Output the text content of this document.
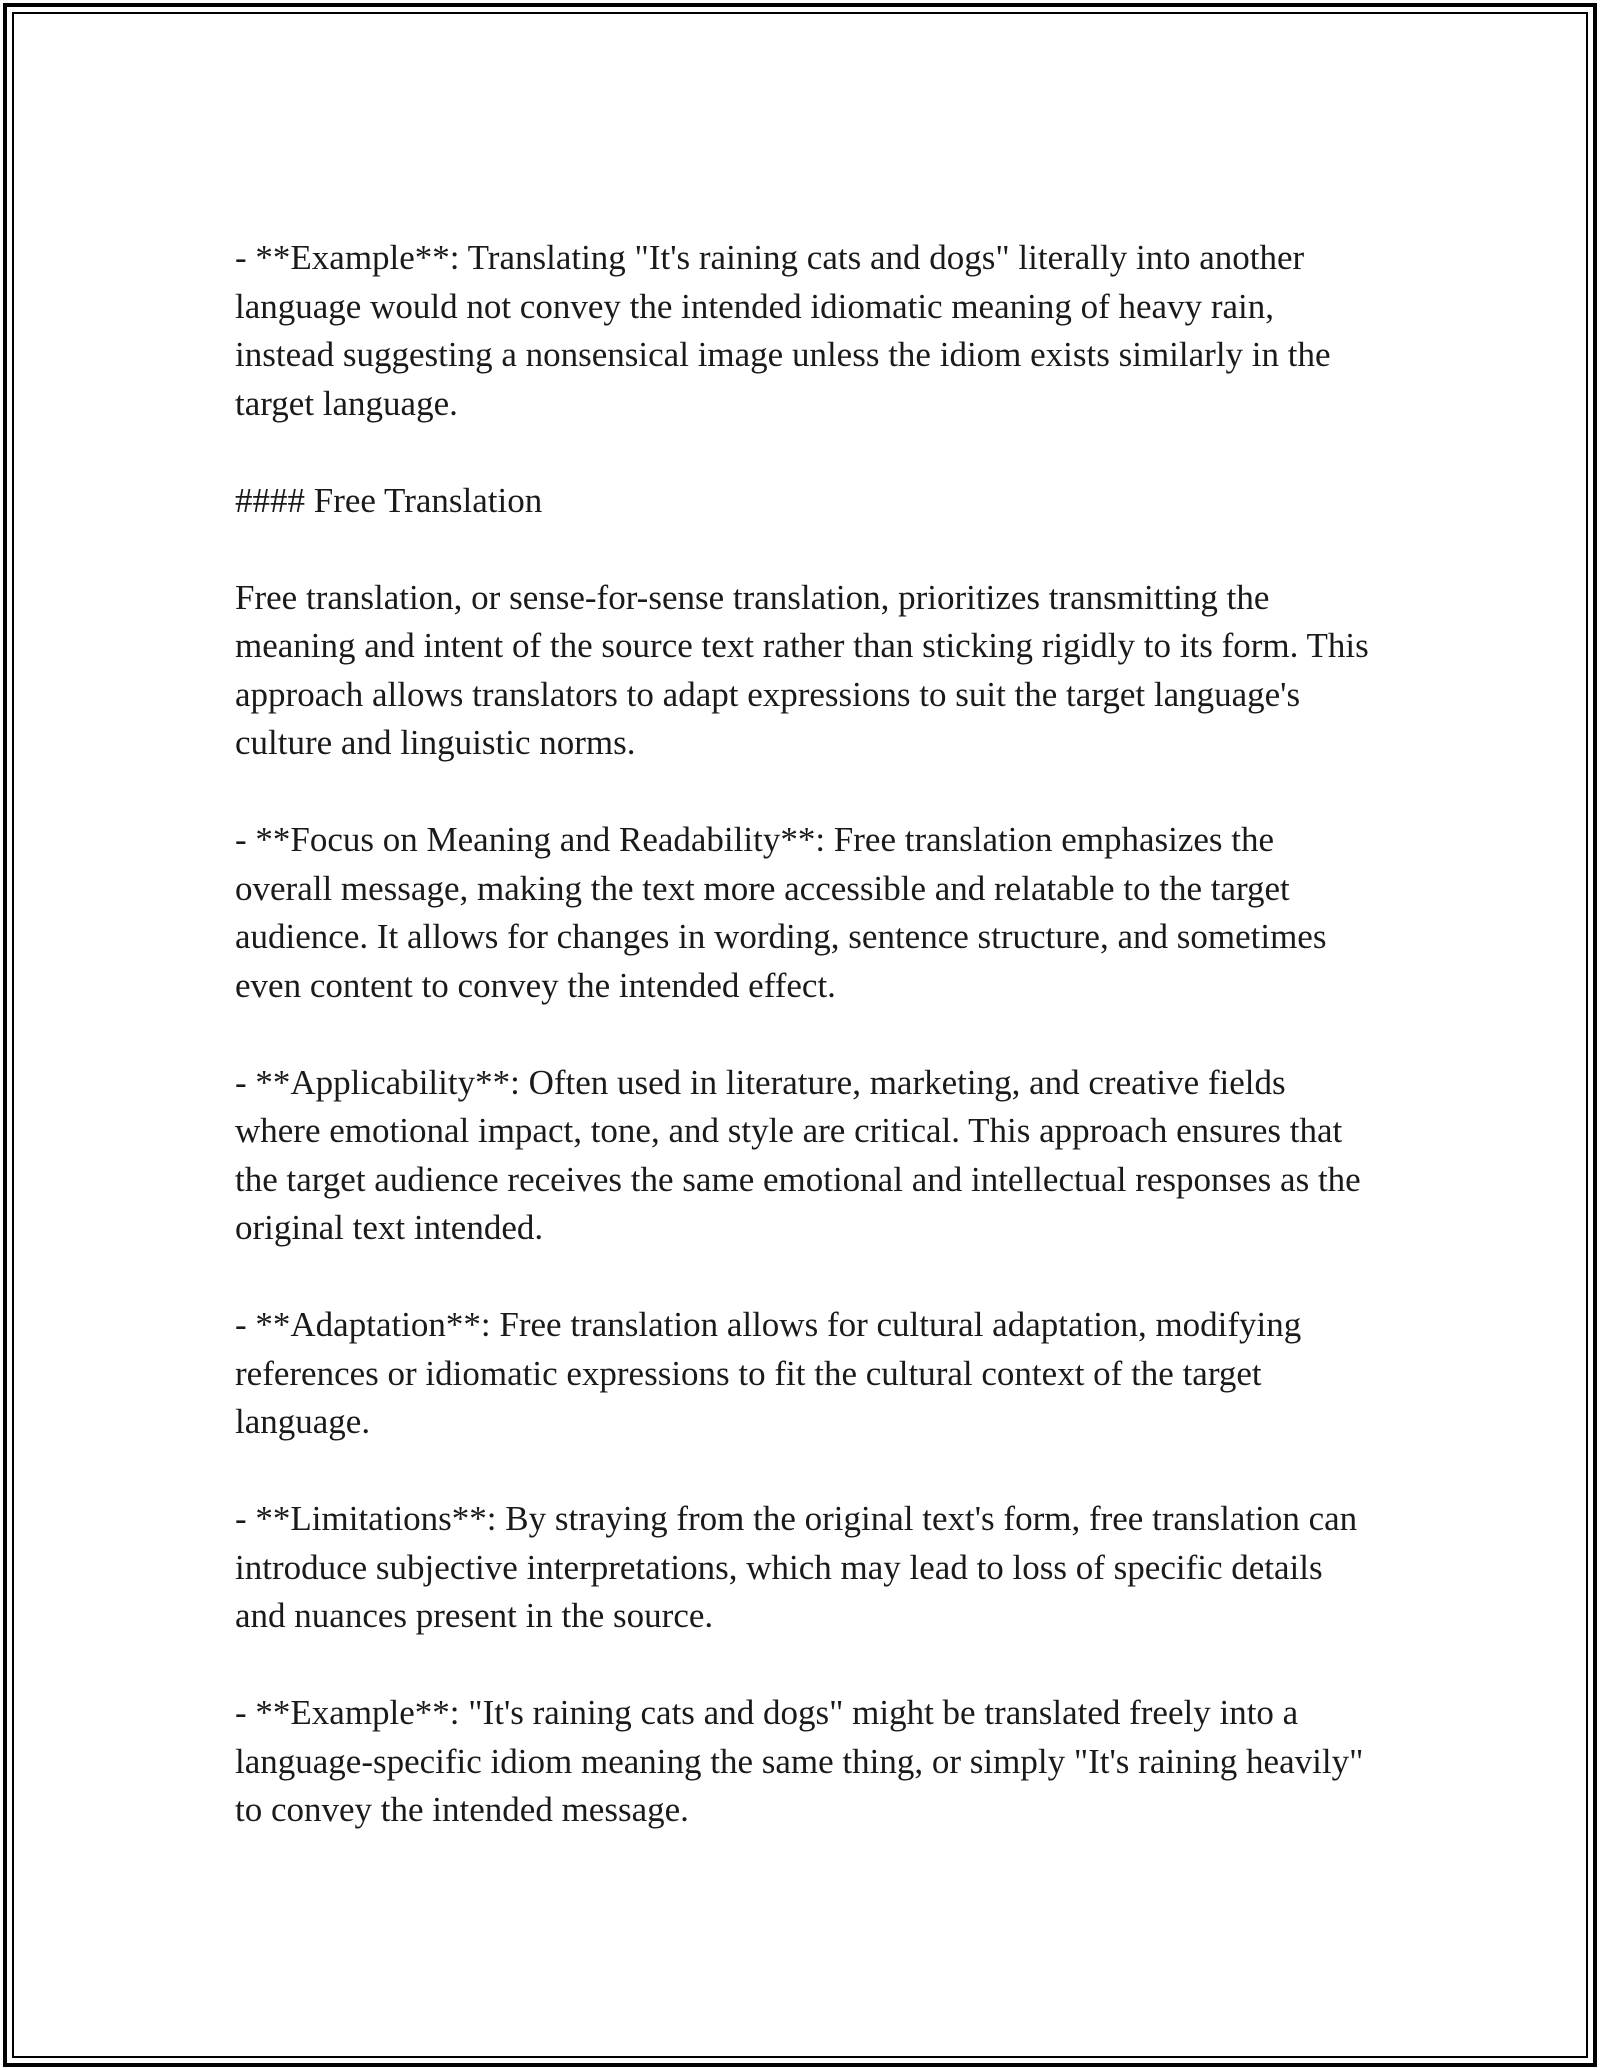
- **Example**: Translating "It's raining cats and dogs" literally into another language would not convey the intended idiomatic meaning of heavy rain, instead suggesting a nonsensical image unless the idiom exists similarly in the target language.

#### Free Translation

Free translation, or sense-for-sense translation, prioritizes transmitting the meaning and intent of the source text rather than sticking rigidly to its form. This approach allows translators to adapt expressions to suit the target language's culture and linguistic norms.

- **Focus on Meaning and Readability**: Free translation emphasizes the overall message, making the text more accessible and relatable to the target audience. It allows for changes in wording, sentence structure, and sometimes even content to convey the intended effect.

- **Applicability**: Often used in literature, marketing, and creative fields where emotional impact, tone, and style are critical. This approach ensures that the target audience receives the same emotional and intellectual responses as the original text intended.

- **Adaptation**: Free translation allows for cultural adaptation, modifying references or idiomatic expressions to fit the cultural context of the target language.

- **Limitations**: By straying from the original text's form, free translation can introduce subjective interpretations, which may lead to loss of specific details and nuances present in the source.

- **Example**: "It's raining cats and dogs" might be translated freely into a language-specific idiom meaning the same thing, or simply "It's raining heavily" to convey the intended message.
